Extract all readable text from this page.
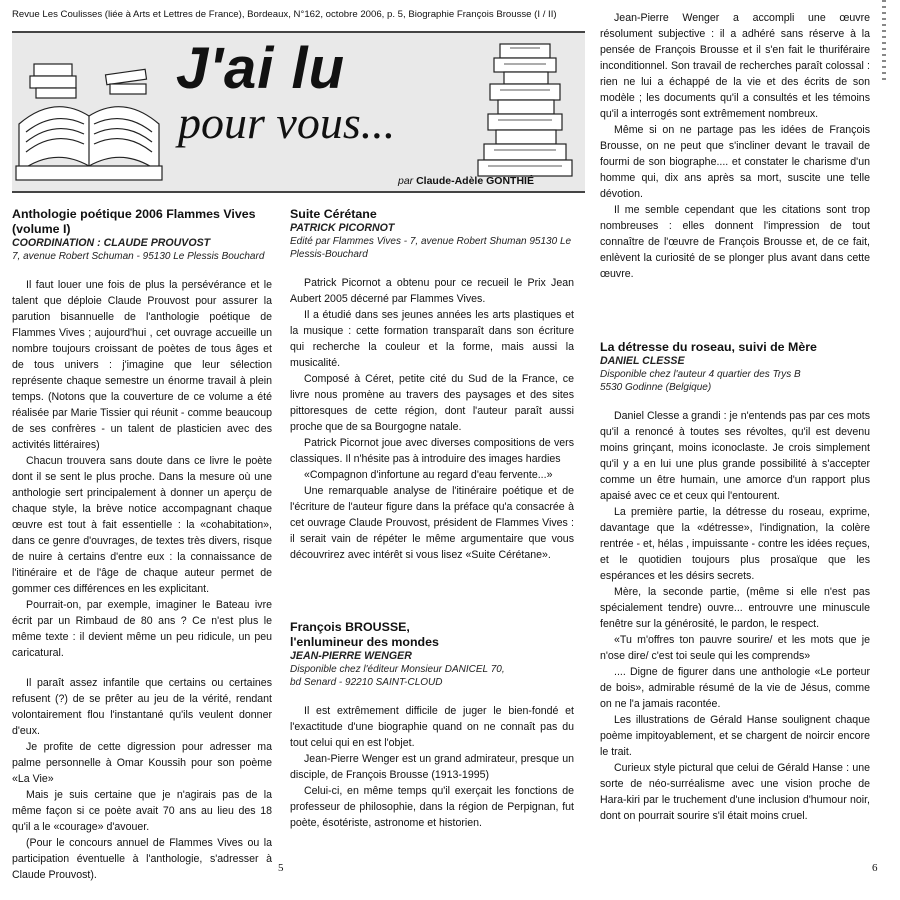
Revue Les Coulisses (liée à Arts et Lettres de France), Bordeaux, N°162, octobre 2006, p. 5, Biographie François Brousse (I / II)
J'ai lu
pour vous...
par Claude-Adèle GONTHIÉ
Anthologie poétique 2006 Flammes Vives (volume I)
COORDINATION : CLAUDE PROUVOST
7, avenue Robert Schuman - 95130 Le Plessis Bouchard

Il faut louer une fois de plus la persévérance et le talent que déploie Claude Prouvost pour assurer la parution bisannuelle de l'anthologie poétique de Flammes Vives ; aujourd'hui , cet ouvrage accueille un nombre toujours croissant de poètes de tous âges et de tous univers : j'imagine que leur sélection représente chaque semestre un énorme travail à plein temps. (Notons que la couverture de ce volume a été réalisée par Marie Tissier qui réunit - comme beaucoup de ses confrères - un talent de plasticien avec des activités littéraires)

Chacun trouvera sans doute dans ce livre le poète dont il se sent le plus proche. Dans la mesure où une anthologie sert principalement à donner un aperçu de chaque style, la brève notice accompagnant chaque œuvre est tout à fait essentielle : la «cohabitation», dans ce genre d'ouvrages, de textes très divers, risque de nuire à certains d'entre eux : la connaissance de l'itinéraire et de l'âge de chaque auteur permet de gommer ces différences en les explicitant.

Pourrait-on, par exemple, imaginer le Bateau ivre écrit par un Rimbaud de 80 ans ? Ce n'est plus le même texte : il devient même un peu ridicule, un peu caricatural.

Il paraît assez infantile que certains ou certaines refusent (?) de se prêter au jeu de la vérité, rendant volontairement flou l'instantané qu'ils veulent donner d'eux.

Je profite de cette digression pour adresser ma palme personnelle à Omar Koussih pour son poème «La Vie»

Mais je suis certaine que je n'agirais pas de la même façon si ce poète avait 70 ans au lieu des 18 qu'il a le «courage» d'avouer.

(Pour le concours annuel de Flammes Vives ou la participation éventuelle à l'anthologie, s'adresser à Claude Prouvost).

Suite Cérétane
PATRICK PICORNOT
Edité par Flammes Vives - 7, avenue Robert Shuman 95130 Le Plessis-Bouchard

Patrick Picornot a obtenu pour ce recueil le Prix Jean Aubert 2005 décerné par Flammes Vives.

Il a étudié dans ses jeunes années les arts plastiques et la musique : cette formation transparaît dans son écriture qui recherche la couleur et la forme, mais aussi la musicalité.

Composé à Céret, petite cité du Sud de la France, ce livre nous promène au travers des paysages et des sites pittoresques de cette région, dont l'auteur paraît aussi proche que de sa Bourgogne natale.

Patrick Picornot joue avec diverses compositions de vers classiques. Il n'hésite pas à introduire des images hardies

«Compagnon d'infortune au regard d'eau fervente...»

Une remarquable analyse de l'itinéraire poétique et de l'écriture de l'auteur figure dans la préface qu'a consacrée à cet ouvrage Claude Prouvost, président de Flammes Vives : il serait vain de répéter le même argumentaire que vous découvrirez avec intérêt si vous lisez «Suite Cérétane».

François BROUSSE,
l'enlumineur des mondes
JEAN-PIERRE WENGER
Disponible chez l'éditeur Monsieur DANICEL 70, bd Senard - 92210 SAINT-CLOUD

Il est extrêmement difficile de juger le bien-fondé et l'exactitude d'une biographie quand on ne connaît pas du tout celui qui en est l'objet.

Jean-Pierre Wenger est un grand admirateur, presque un disciple, de François Brousse (1913-1995)

Celui-ci, en même temps qu'il exerçait les fonctions de professeur de philosophie, dans la région de Perpignan, fut poète, ésotériste, astronome et historien.

Jean-Pierre Wenger a accompli une œuvre résolument subjective : il a adhéré sans réserve à la pensée de François Brousse et il s'en fait le thuriféraire inconditionnel. Son travail de recherches paraît colossal : rien ne lui a échappé de la vie et des écrits de son modèle ; les documents qu'il a consultés et les témoins qu'il a interrogés sont extrêmement nombreux.

Même si on ne partage pas les idées de François Brousse, on ne peut que s'incliner devant le travail de fourmi de son biographe.... et constater le charisme d'un homme qui, dix ans après sa mort, suscite une telle dévotion.

Il me semble cependant que les citations sont trop nombreuses : elles donnent l'impression de tout connaître de l'œuvre de François Brousse et, de ce fait, enlèvent la curiosité de se plonger plus avant dans cette œuvre.

La détresse du roseau, suivi de Mère
DANIEL CLESSE
Disponible chez l'auteur 4 quartier des Trys B 5530 Godinne (Belgique)

Daniel Clesse a grandi : je n'entends pas par ces mots qu'il a renoncé à toutes ses révoltes, qu'il est devenu moins grinçant, moins iconoclaste. Je crois simplement qu'il y a en lui une plus grande possibilité à s'accepter comme un être humain, une amorce d'un rapport plus apaisé avec ce et ceux qui l'entourent.

La première partie, la détresse du roseau, exprime, davantage que la «détresse», l'indignation, la colère rentrée - et, hélas , impuissante - contre les idées reçues, et le quotidien toujours plus prosaïque que les espérances et les désirs secrets.

Mère, la seconde partie, (même si elle n'est pas spécialement tendre) ouvre... entrouvre une minuscule fenêtre sur la générosité, le pardon, le respect.

«Tu m'offres ton pauvre sourire/ et les mots que je n'ose dire/ c'est toi seule qui les comprends»

.... Digne de figurer dans une anthologie «Le porteur de bois», admirable résumé de la vie de Jésus, comme on ne l'a jamais racontée.

Les illustrations de Gérald Hanse soulignent chaque poème impitoyablement, et se chargent de noircir encore le trait.

Curieux style pictural que celui de Gérald Hanse : une sorte de néo-surréalisme avec une vision proche de Hara-kiri par le truchement d'une inclusion d'humour noir, dont on pourrait sourire s'il était moins cruel.

5	6
